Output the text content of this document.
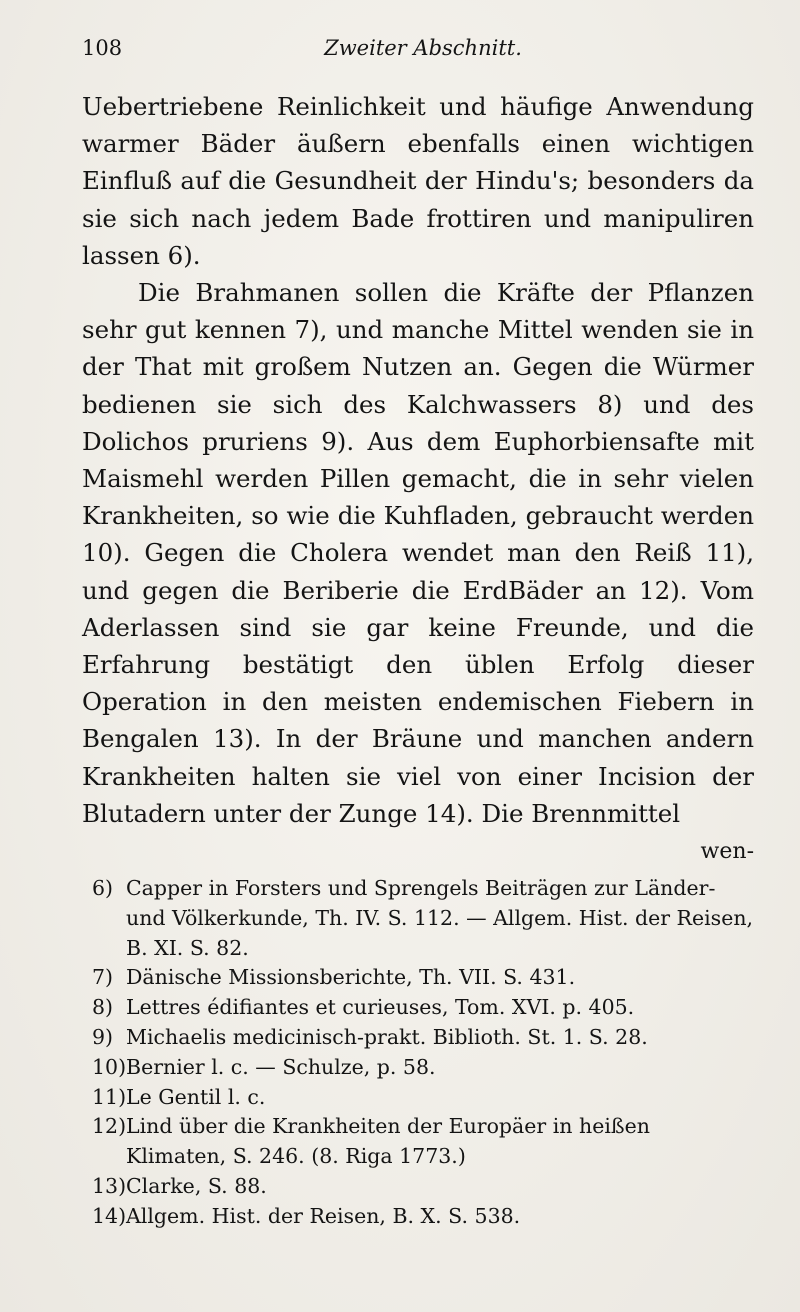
108	Zweiter Abschnitt.

Uebertriebene Reinlichkeit und häufige Anwendung warmer Bäder äußern ebenfalls einen wichtigen Einfluß auf die Gesundheit der Hindu's; besonders da sie sich nach jedem Bade frottiren und manipuliren lassen 6).

Die Brahmanen sollen die Kräfte der Pflanzen sehr gut kennen 7), und manche Mittel wenden sie in der That mit großem Nutzen an. Gegen die Würmer bedienen sie sich des Kalchwassers 8) und des Dolichos pruriens 9). Aus dem Euphorbiensafte mit Maismehl werden Pillen gemacht, die in sehr vielen Krankheiten, so wie die Kuhfladen, gebraucht werden 10). Gegen die Cholera wendet man den Reiß 11), und gegen die Beriberie die ErdBäder an 12). Vom Aderlassen sind sie gar keine Freunde, und die Erfahrung bestätigt den üblen Erfolg dieser Operation in den meisten endemischen Fiebern in Bengalen 13). In der Bräune und manchen andern Krankheiten halten sie viel von einer Incision der Blutadern unter der Zunge 14). Die Brennmittel

wen-
6) Capper in Forsters und Sprengels Beiträgen zur Länder- und Völkerkunde, Th. IV. S. 112. — Allgem. Hist. der Reisen, B. XI. S. 82.
7) Dänische Missionsberichte, Th. VII. S. 431.
8) Lettres édifiantes et curieuses, Tom. XVI. p. 405.
9) Michaelis medicinisch-prakt. Biblioth. St. 1. S. 28.
10)Bernier l. c. — Schulze, p. 58.
11)Le Gentil l. c.
12)Lind über die Krankheiten der Europäer in heißen Klimaten, S. 246. (8. Riga 1773.)
13)Clarke, S. 88.
14)Allgem. Hist. der Reisen, B. X. S. 538.
